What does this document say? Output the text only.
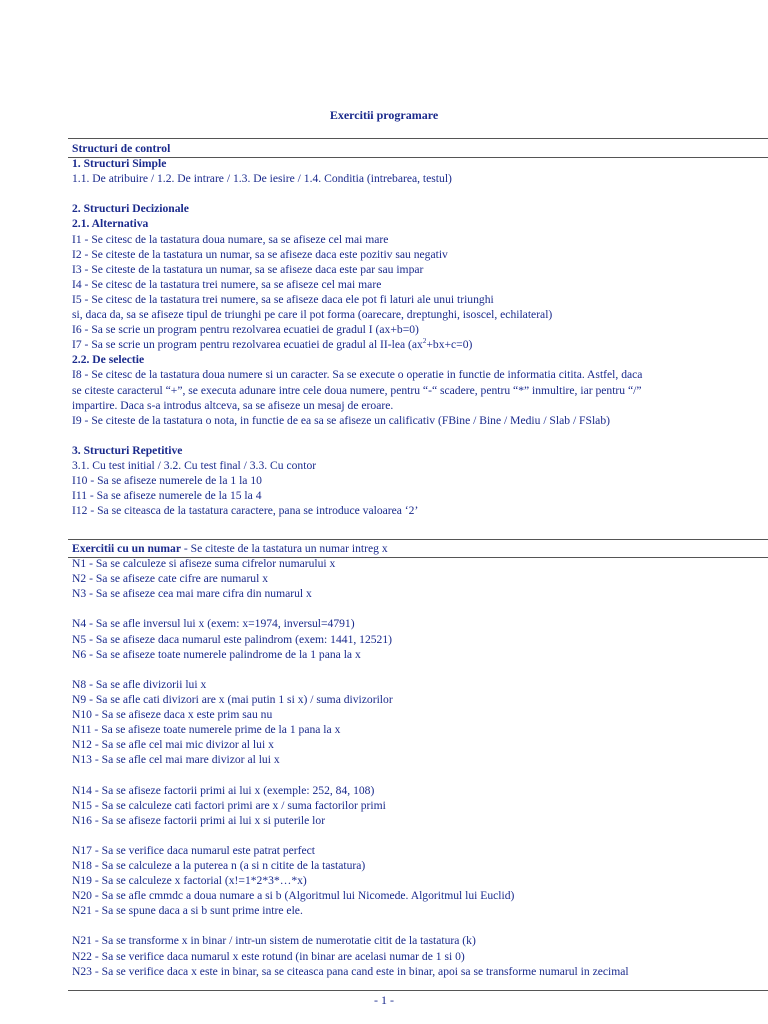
Exercitii programare
Structuri de control
1. Structuri Simple
1.1. De atribuire / 1.2. De intrare / 1.3. De iesire / 1.4. Conditia (intrebarea, testul)
2. Structuri Decizionale
2.1. Alternativa
I1 - Se citesc de la tastatura doua numare, sa se afiseze cel mai mare
I2 - Se citeste de la tastatura un numar, sa se afiseze daca este pozitiv sau negativ
I3 - Se citeste de la tastatura un numar, sa se afiseze daca este par sau impar
I4 - Se citesc de la tastatura trei numere, sa se afiseze cel mai mare
I5 - Se citesc de la tastatura trei numere, sa se afiseze daca ele pot fi laturi ale unui triunghi
si, daca da, sa se afiseze tipul de triunghi pe care il pot forma (oarecare, dreptunghi, isoscel, echilateral)
I6 - Sa se scrie un program pentru rezolvarea ecuatiei de gradul I (ax+b=0)
I7 - Sa se scrie un program pentru rezolvarea ecuatiei de gradul al II-lea $(ax^2+bx+c=0)$
2.2. De selectie
I8 - Se citesc de la tastatura doua numere si un caracter. Sa se execute o operatie in functie de informatia citita. Astfel, daca
se citeste caracterul “+”, se executa adunare intre cele doua numere, pentru “-“ scadere, pentru “*” inmultire, iar pentru “/”
impartire. Daca s-a introdus altceva, sa se afiseze un mesaj de eroare.
I9 - Se citeste de la tastatura o nota, in functie de ea sa se afiseze un calificativ (FBine / Bine / Mediu / Slab / FSlab)
3. Structuri Repetitive
3.1. Cu test initial / 3.2. Cu test final / 3.3. Cu contor
I10 - Sa se afiseze numerele de la 1 la 10
I11 - Sa se afiseze numerele de la 15 la 4
I12 - Sa se citeasca de la tastatura caractere, pana se introduce valoarea ‘2’
Exercitii cu un numar - Se citeste de la tastatura un numar intreg x
N1 - Sa se calculeze si afiseze suma cifrelor numarului x
N2 - Sa se afiseze cate cifre are numarul x
N3 - Sa se afiseze cea mai mare cifra din numarul x
N4 - Sa se afle inversul lui x (exem: x=1974, inversul=4791)
N5 - Sa se afiseze daca numarul este palindrom (exem: 1441, 12521)
N6 - Sa se afiseze toate numerele palindrome de la 1 pana la x
N8 - Sa se afle divizorii lui x
N9 - Sa se afle cati divizori are x (mai putin 1 si x) / suma divizorilor
N10 - Sa se afiseze daca x este prim sau nu
N11 - Sa se afiseze toate numerele prime de la 1 pana la x
N12 - Sa se afle cel mai mic divizor al lui x
N13 - Sa se afle cel mai mare divizor al lui x
N14 - Sa se afiseze factorii primi ai lui x (exemple: 252, 84, 108)
N15 - Sa se calculeze cati factori primi are x / suma factorilor primi
N16 - Sa se afiseze factorii primi ai lui x si puterile lor
N17 - Sa se verifice daca numarul este patrat perfect
N18 - Sa se calculeze a la puterea n (a si n citite de la tastatura)
N19 - Sa se calculeze x factorial (x!=1*2*3*…*x)
N20 - Sa se afle cmmdc a doua numare a si b (Algoritmul lui Nicomede. Algoritmul lui Euclid)
N21 - Sa se spune daca a si b sunt prime intre ele.
N21 - Sa se transforme x in binar / intr-un sistem de numerotatie citit de la tastatura (k)
N22 - Sa se verifice daca numarul x este rotund (in binar are acelasi numar de 1 si 0)
N23 - Sa se verifice daca x este in binar, sa se citeasca pana cand este in binar, apoi sa se transforme numarul in zecimal
- 1 -
